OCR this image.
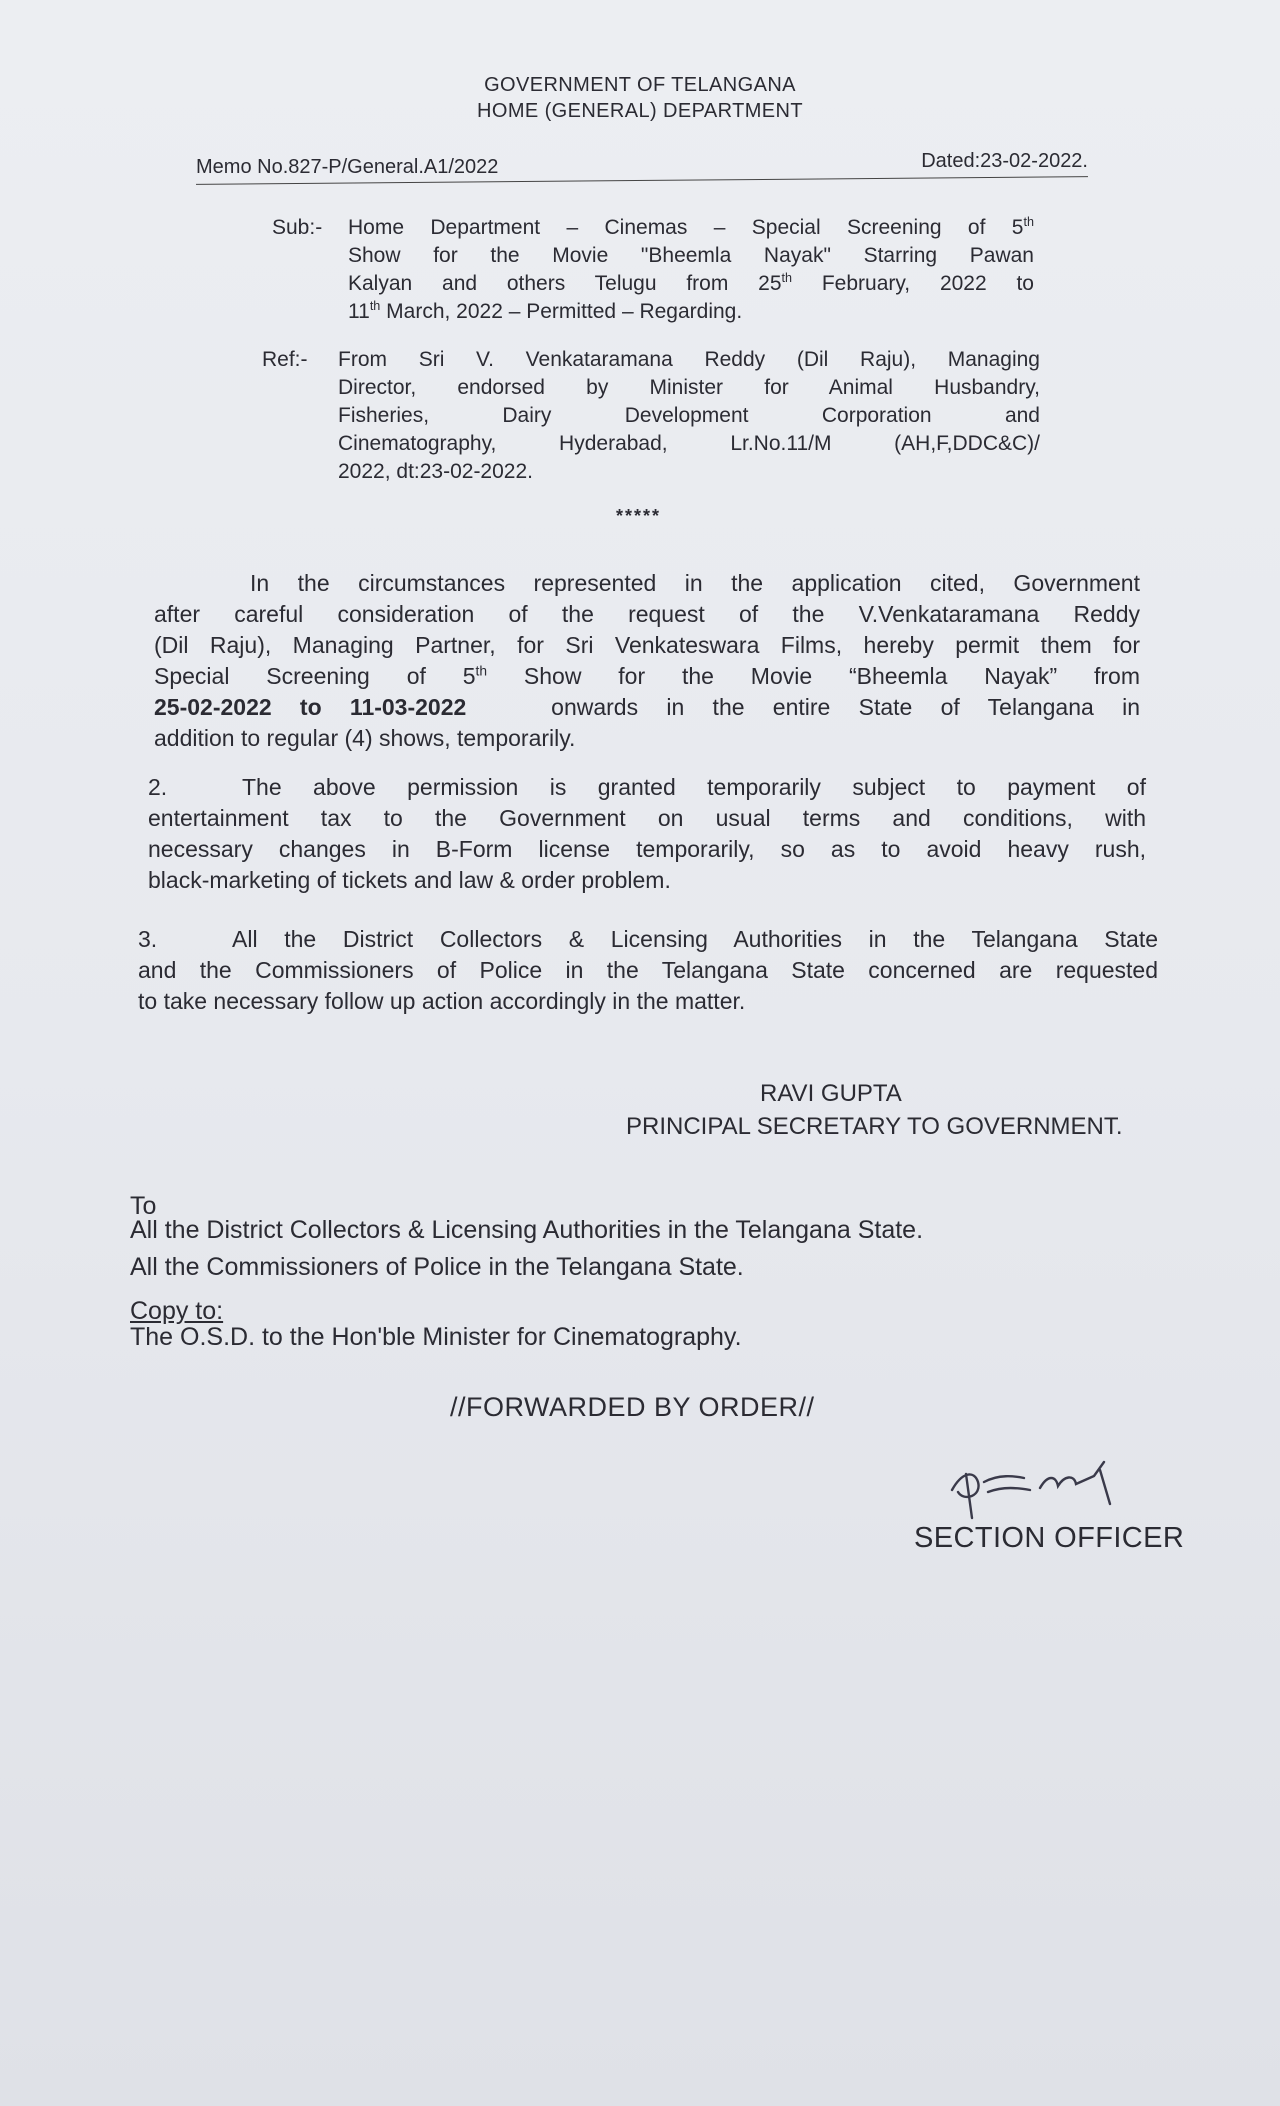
GOVERNMENT OF TELANGANA
HOME (GENERAL) DEPARTMENT
Memo No.827-P/General.A1/2022	Dated:23-02-2022.
Sub:- Home Department – Cinemas – Special Screening of 5th
Show for the Movie "Bheemla Nayak" Starring Pawan
Kalyan and others Telugu from 25th February, 2022 to
11th March, 2022 – Permitted – Regarding.
Ref:- From Sri V. Venkataramana Reddy (Dil Raju), Managing
Director, endorsed by Minister for Animal Husbandry,
Fisheries, Dairy Development Corporation and
Cinematography, Hyderabad, Lr.No.11/M (AH,F,DDC&C)/
2022, dt:23-02-2022.
*****
In the circumstances represented in the application cited, Government
after careful consideration of the request of the V.Venkataramana Reddy
(Dil Raju), Managing Partner, for Sri Venkateswara Films, hereby permit them for
Special Screening of 5th Show for the Movie “Bheemla Nayak” from
25-02-2022 to 11-03-2022	onwards in the entire State of Telangana in
addition to regular (4) shows, temporarily.
2.	The above permission is granted temporarily subject to payment of
entertainment tax to the Government on usual terms and conditions, with
necessary changes in B-Form license temporarily, so as to avoid heavy rush,
black-marketing of tickets and law & order problem.
3.	All the District Collectors & Licensing Authorities in the Telangana State
and the Commissioners of Police in the Telangana State concerned are requested
to take necessary follow up action accordingly in the matter.
RAVI GUPTA
PRINCIPAL SECRETARY TO GOVERNMENT.
To
All the District Collectors & Licensing Authorities in the Telangana State.
All the Commissioners of Police in the Telangana State.
Copy to:
The O.S.D. to the Hon'ble Minister for Cinematography.
//FORWARDED BY ORDER//
SECTION OFFICER
